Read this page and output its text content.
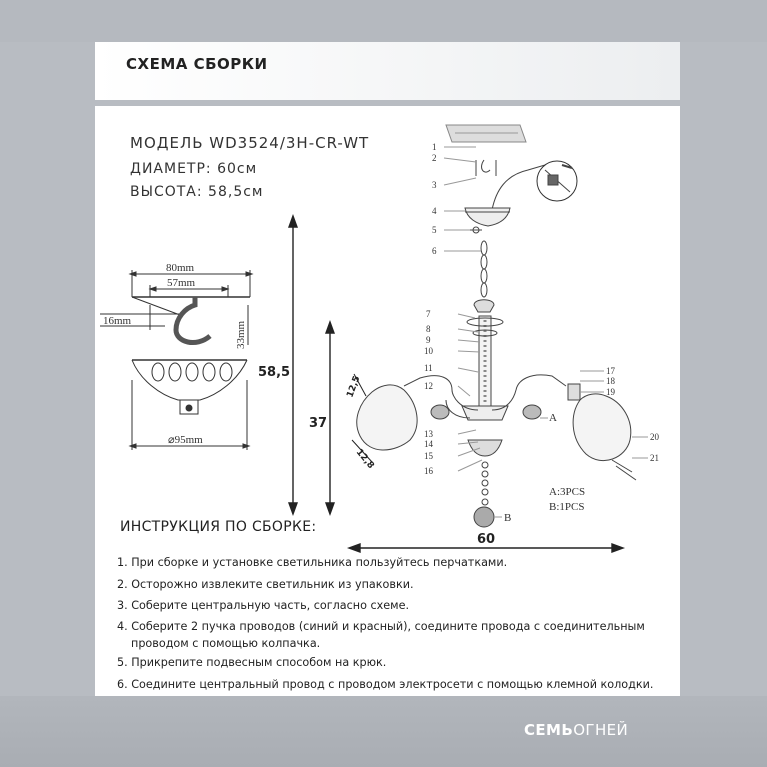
СХЕМА СБОРКИ
МОДЕЛЬ WD3524/3H-CR-WT
ДИАМЕТР: 60см
ВЫСОТА: 58,5см
80mm
57mm
16mm	33mm
⌀95mm
1
2
3
4
5
6
7
8
9
10
11
12
13
14
15
16
17
18
19
20
21
A
B
A:3PCS
B:1PCS
12,5
12,8
58,5
37
60
ИНСТРУКЦИЯ ПО СБОРКЕ:
1. При сборке и установке светильника пользуйтесь перчатками.
2. Осторожно извлеките светильник из упаковки.
3. Соберите центральную часть, согласно схеме.
4. Соберите 2 пучка проводов (синий и красный), соедините провода с соединительным
проводом с помощью колпачка.
5. Прикрепите подвесным способом на крюк.
6. Соедините центральный провод с проводом электросети с помощью клемной колодки.
СЕМЬОГНЕЙ
